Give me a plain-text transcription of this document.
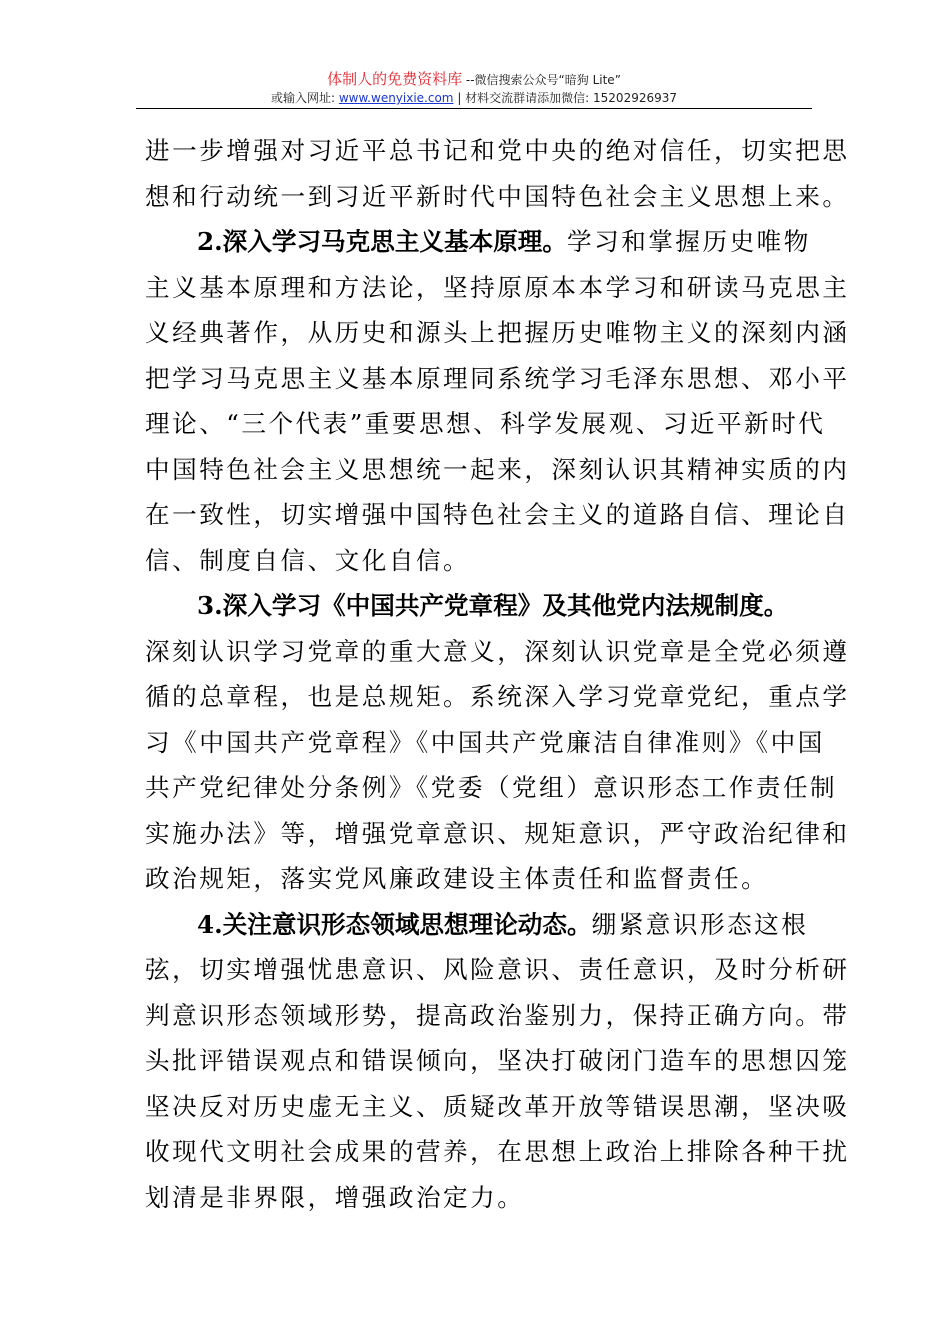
体制人的免费资料库 --微信搜索公众号“暗狗 Lite”
或输入网址: www.wenyixie.com | 材料交流群请添加微信: 15202926937
进一步增强对习近平总书记和党中央的绝对信任，切实把思
想和行动统一到习近平新时代中国特色社会主义思想上来。
2.深入学习马克思主义基本原理。学习和掌握历史唯物
主义基本原理和方法论，坚持原原本本学习和研读马克思主
义经典著作，从历史和源头上把握历史唯物主义的深刻内涵
把学习马克思主义基本原理同系统学习毛泽东思想、邓小平
理论、“三个代表”重要思想、科学发展观、习近平新时代
中国特色社会主义思想统一起来，深刻认识其精神实质的内
在一致性，切实增强中国特色社会主义的道路自信、理论自
信、制度自信、文化自信。
3.深入学习《中国共产党章程》及其他党内法规制度。
深刻认识学习党章的重大意义，深刻认识党章是全党必须遵
循的总章程，也是总规矩。系统深入学习党章党纪，重点学
习《中国共产党章程》《中国共产党廉洁自律准则》《中国
共产党纪律处分条例》《党委（党组）意识形态工作责任制
实施办法》等，增强党章意识、规矩意识，严守政治纪律和
政治规矩，落实党风廉政建设主体责任和监督责任。
4.关注意识形态领域思想理论动态。绷紧意识形态这根
弦，切实增强忧患意识、风险意识、责任意识，及时分析研
判意识形态领域形势，提高政治鉴别力，保持正确方向。带
头批评错误观点和错误倾向，坚决打破闭门造车的思想囚笼
坚决反对历史虚无主义、质疑改革开放等错误思潮，坚决吸
收现代文明社会成果的营养，在思想上政治上排除各种干扰
划清是非界限，增强政治定力。
